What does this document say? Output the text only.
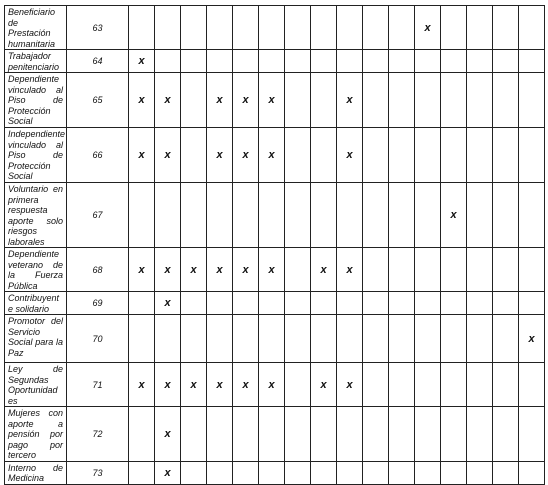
Beneficiario de Prestación humanitaria	63												x				
Trabajador penitenciario	64	x															
Dependiente vinculado al Piso de Protección Social	65	x	x		x	x	x			x							
Independiente vinculado al Piso de Protección Social	66	x	x		x	x	x			x							
Voluntario en primera respuesta aporte solo riesgos laborales	67													x			
Dependiente veterano de la Fuerza Pública	68	x	x	x	x	x	x		x	x							
Contribuyent e solidario	69		x														
Promotor del Servicio Social para la Paz	70																x
Ley de Segundas Oportunidad es	71	x	x	x	x	x	x		x	x							
Mujeres con aporte a pensión por pago por tercero	72		x														
Interno de Medicina	73		x														
